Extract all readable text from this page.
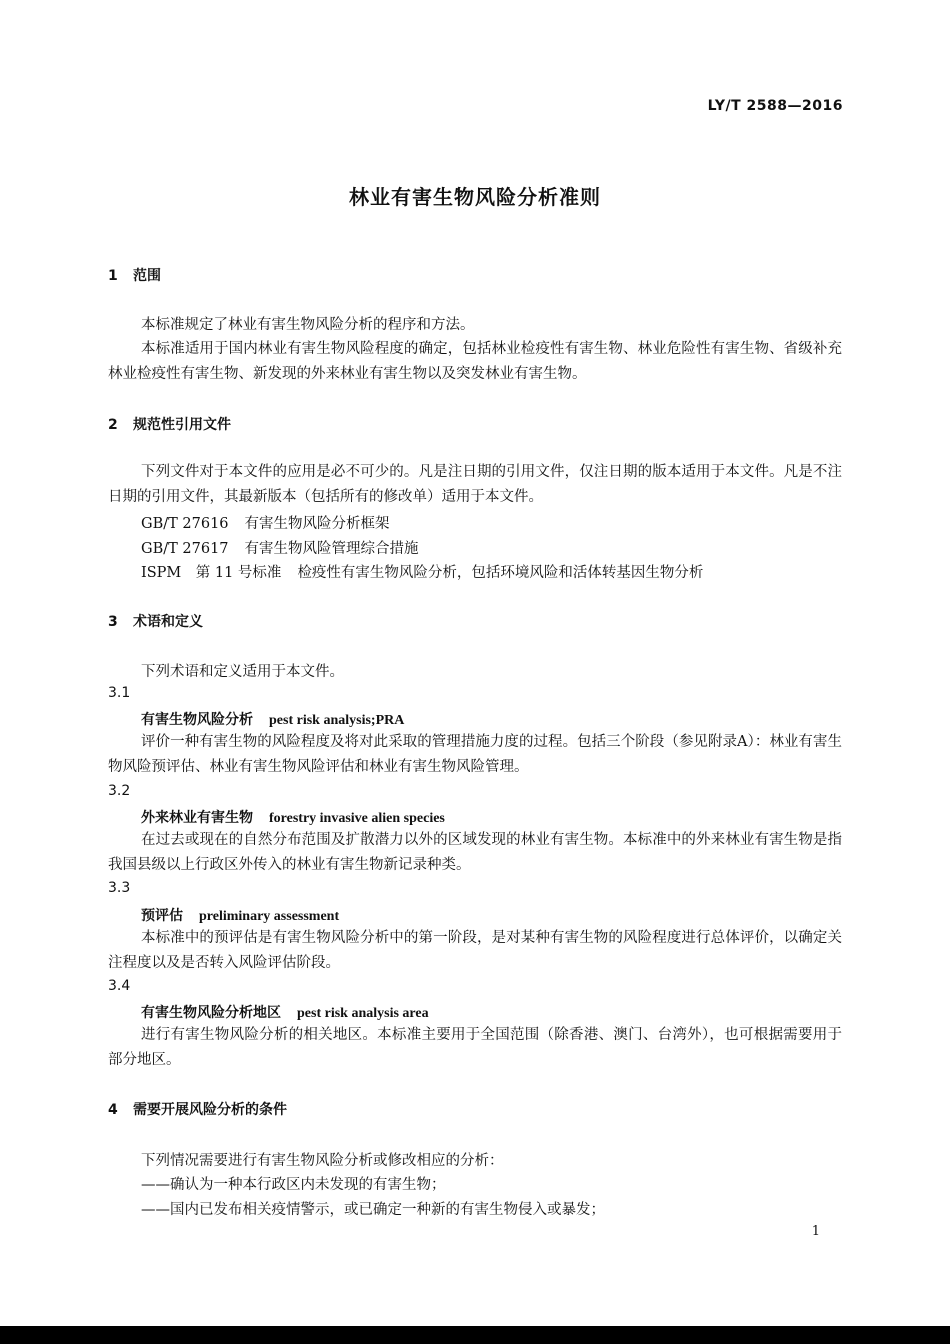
LY/T 2588—2016
林业有害生物风险分析准则
1 范围
本标准规定了林业有害生物风险分析的程序和方法。
本标准适用于国内林业有害生物风险程度的确定，包括林业检疫性有害生物、林业危险性有害生物、省级补充林业检疫性有害生物、新发现的外来林业有害生物以及突发林业有害生物。
2 规范性引用文件
下列文件对于本文件的应用是必不可少的。凡是注日期的引用文件，仅注日期的版本适用于本文件。凡是不注日期的引用文件，其最新版本（包括所有的修改单）适用于本文件。
GB/T 27616 有害生物风险分析框架
GB/T 27617 有害生物风险管理综合措施
ISPM　第 11 号标准 检疫性有害生物风险分析，包括环境风险和活体转基因生物分析
3 术语和定义
下列术语和定义适用于本文件。
3.1
有害生物风险分析 pest risk analysis;PRA
评价一种有害生物的风险程度及将对此采取的管理措施力度的过程。包括三个阶段（参见附录A）：林业有害生物风险预评估、林业有害生物风险评估和林业有害生物风险管理。
3.2
外来林业有害生物 forestry invasive alien species
在过去或现在的自然分布范围及扩散潜力以外的区域发现的林业有害生物。本标准中的外来林业有害生物是指我国县级以上行政区外传入的林业有害生物新记录种类。
3.3
预评估 preliminary assessment
本标准中的预评估是有害生物风险分析中的第一阶段，是对某种有害生物的风险程度进行总体评价，以确定关注程度以及是否转入风险评估阶段。
3.4
有害生物风险分析地区 pest risk analysis area
进行有害生物风险分析的相关地区。本标准主要用于全国范围（除香港、澳门、台湾外），也可根据需要用于部分地区。
4 需要开展风险分析的条件
下列情况需要进行有害生物风险分析或修改相应的分析：
——确认为一种本行政区内未发现的有害生物；
——国内已发布相关疫情警示，或已确定一种新的有害生物侵入或暴发；
1
